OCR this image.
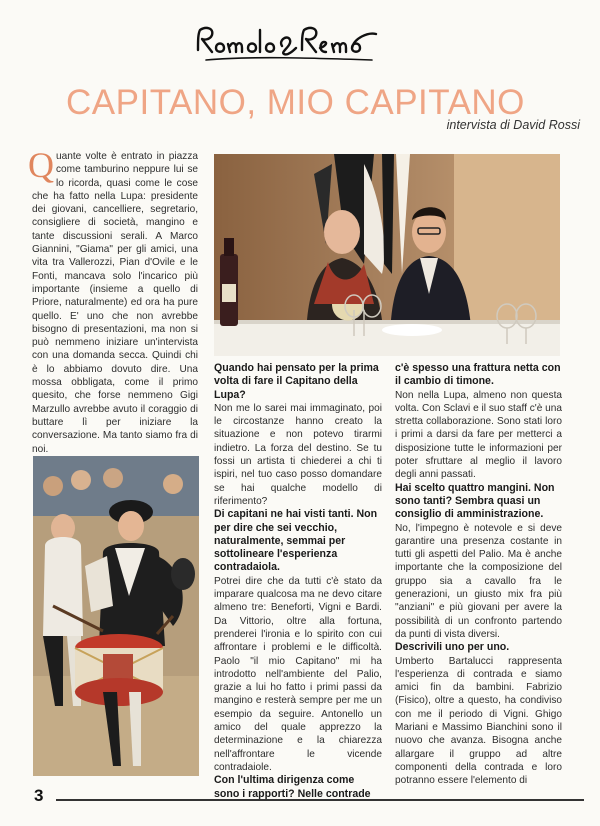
CAPITANO, MIO CAPITANO
intervista di David Rossi
Q uante volte è entrato in piazza come tamburino neppure lui se lo ricorda, quasi come le cose che ha fatto nella Lupa: presidente dei giovani, cancelliere, segretario, consigliere di società, mangino e tante discussioni serali. A Marco Giannini, "Giama" per gli amici, una vita tra Vallerozzi, Pian d'Ovile e le Fonti, mancava solo l'incarico più importante (insieme a quello di Priore, naturalmente) ed ora ha pure quello. E' uno che non avrebbe bisogno di presentazioni, ma non si può nemmeno iniziare un'intervista con una domanda secca. Quindi chi è lo abbiamo dovuto dire. Una mossa obbligata, come il primo quesito, che forse nemmeno Gigi Marzullo avrebbe avuto il coraggio di buttare lì per iniziare la conversazione. Ma tanto siamo fra di noi.

Quando hai pensato per la prima volta di fare il Capitano della Lupa?

Non me lo sarei mai immaginato, poi le circostanze hanno creato la situazione e non potevo tirarmi indietro. La forza del destino. Se tu fossi un artista ti chiederei a chi ti ispiri, nel tuo caso posso domandare se hai qualche modello di riferimento?

Di capitani ne hai visti tanti. Non per dire che sei vecchio, naturalmente, semmai per sottolineare l'esperienza contradaiola.

Potrei dire che da tutti c'è stato da imparare qualcosa ma ne devo citare almeno tre: Beneforti, Vigni e Bardi. Da Vittorio, oltre alla fortuna, prenderei l'ironia e lo spirito con cui affrontare i problemi e le difficoltà. Paolo "il mio Capitano" mi ha introdotto nell'ambiente del Palio, grazie a lui ho fatto i primi passi da mangino e resterà sempre per me un esempio da seguire. Antonello un amico del quale apprezzo la determinazione e la chiarezza nell'affrontare le vicende contradaiole.

Con l'ultima dirigenza come sono i rapporti? Nelle contrade

c'è spesso una frattura netta con il cambio di timone.

Non nella Lupa, almeno non questa volta. Con Sclavi e il suo staff c'è una stretta collaborazione. Sono stati loro i primi a darsi da fare per metterci a disposizione tutte le informazioni per poter sfruttare al meglio il lavoro degli anni passati.

Hai scelto quattro mangini. Non sono tanti? Sembra quasi un consiglio di amministrazione.

No, l'impegno è notevole e si deve garantire una presenza costante in tutti gli aspetti del Palio. Ma è anche importante che la composizione del gruppo sia a cavallo fra le generazioni, un giusto mix fra più "anziani" e più giovani per avere la possibilità di un confronto partendo da punti di vista diversi.

Descrivili uno per uno.

Umberto Bartalucci rappresenta l'esperienza di contrada e siamo amici fin da bambini. Fabrizio (Fisico), oltre a questo, ha condiviso con me il periodo di Vigni. Ghigo Mariani e Massimo Bianchini sono il nuovo che avanza. Bisogna anche allargare il gruppo ad altre componenti della contrada e loro potranno essere l'elemento di

3
